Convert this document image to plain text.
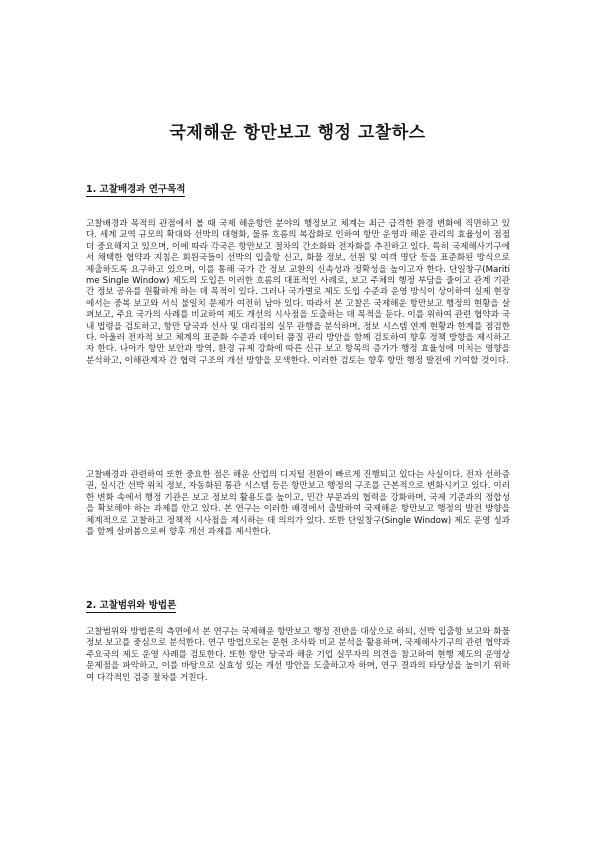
국제해운 항만보고 행정 고찰하스
1. 고찰배경과 연구목적

고찰배경과 목적의 관점에서 볼 때 국제 해운항만 분야의 행정보고 체계는 최근 급격한 환경 변화에 직면하고 있다. 세계 교역 규모의 확대와 선박의 대형화, 물류 흐름의 복잡화로 인하여 항만 운영과 해운 관리의 효율성이 점점 더 중요해지고 있으며, 이에 따라 각국은 항만보고 절차의 간소화와 전자화를 추진하고 있다. 특히 국제해사기구에서 채택한 협약과 지침은 회원국들이 선박의 입출항 신고, 화물 정보, 선원 및 여객 명단 등을 표준화된 방식으로 제출하도록 요구하고 있으며, 이를 통해 국가 간 정보 교환의 신속성과 정확성을 높이고자 한다. 단일창구(Maritime Single Window) 제도의 도입은 이러한 흐름의 대표적인 사례로, 보고 주체의 행정 부담을 줄이고 관계 기관 간 정보 공유를 원활하게 하는 데 목적이 있다. 그러나 국가별로 제도 도입 수준과 운영 방식이 상이하여 실제 현장에서는 중복 보고와 서식 불일치 문제가 여전히 남아 있다. 따라서 본 고찰은 국제해운 항만보고 행정의 현황을 살펴보고, 주요 국가의 사례를 비교하여 제도 개선의 시사점을 도출하는 데 목적을 둔다. 이를 위하여 관련 협약과 국내 법령을 검토하고, 항만 당국과 선사 및 대리점의 실무 관행을 분석하며, 정보 시스템 연계 현황과 한계를 점검한다. 아울러 전자적 보고 체계의 표준화 수준과 데이터 품질 관리 방안을 함께 검토하여 향후 정책 방향을 제시하고자 한다. 나아가 항만 보안과 방역, 환경 규제 강화에 따른 신규 보고 항목의 증가가 행정 효율성에 미치는 영향을 분석하고, 이해관계자 간 협력 구조의 개선 방향을 모색한다. 이러한 검토는 향후 항만 행정 발전에 기여할 것이다.

고찰배경과 관련하여 또한 중요한 점은 해운 산업의 디지털 전환이 빠르게 진행되고 있다는 사실이다. 전자 선하증권, 실시간 선박 위치 정보, 자동화된 통관 시스템 등은 항만보고 행정의 구조를 근본적으로 변화시키고 있다. 이러한 변화 속에서 행정 기관은 보고 정보의 활용도를 높이고, 민간 부문과의 협력을 강화하며, 국제 기준과의 정합성을 확보해야 하는 과제를 안고 있다. 본 연구는 이러한 배경에서 출발하여 국제해운 항만보고 행정의 발전 방향을 체계적으로 고찰하고 정책적 시사점을 제시하는 데 의의가 있다. 또한 단일창구(Single Window) 제도 운영 성과를 함께 살펴봄으로써 향후 개선 과제를 제시한다.

2. 고찰범위와 방법론

고찰범위와 방법론의 측면에서 본 연구는 국제해운 항만보고 행정 전반을 대상으로 하되, 선박 입출항 보고와 화물 정보 보고를 중심으로 분석한다. 연구 방법으로는 문헌 조사와 비교 분석을 활용하며, 국제해사기구의 관련 협약과 주요국의 제도 운영 사례를 검토한다. 또한 항만 당국과 해운 기업 실무자의 의견을 참고하여 현행 제도의 운영상 문제점을 파악하고, 이를 바탕으로 실효성 있는 개선 방안을 도출하고자 하며, 연구 결과의 타당성을 높이기 위하여 다각적인 검증 절차를 거친다.
